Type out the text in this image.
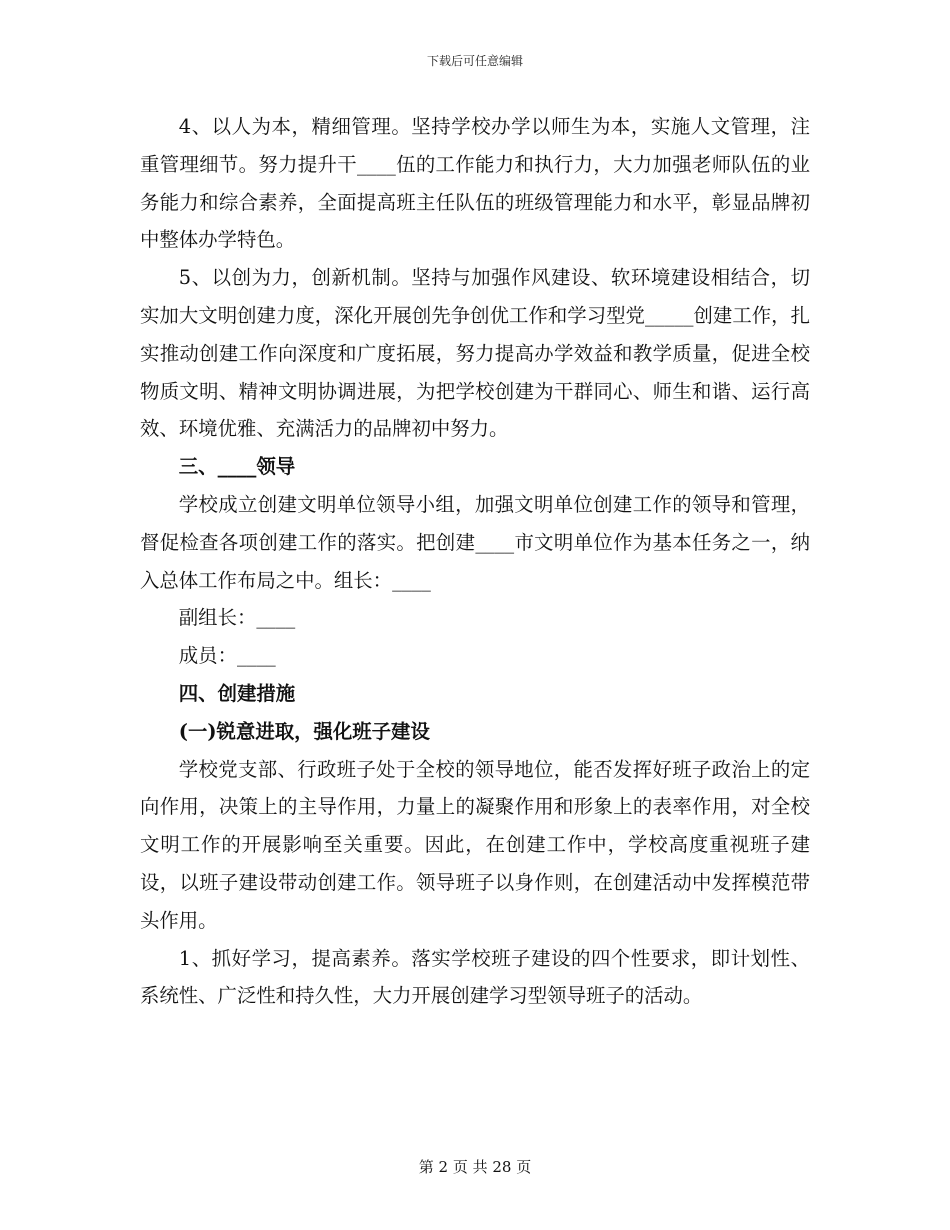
下载后可任意编辑

4、以人为本，精细管理。坚持学校办学以师生为本，实施人文管理，注重管理细节。努力提升干____伍的工作能力和执行力，大力加强老师队伍的业务能力和综合素养，全面提高班主任队伍的班级管理能力和水平，彰显品牌初中整体办学特色。

5、以创为力，创新机制。坚持与加强作风建设、软环境建设相结合，切实加大文明创建力度，深化开展创先争创优工作和学习型党_____创建工作，扎实推动创建工作向深度和广度拓展，努力提高办学效益和教学质量，促进全校物质文明、精神文明协调进展，为把学校创建为干群同心、师生和谐、运行高效、环境优雅、充满活力的品牌初中努力。

三、____领导

学校成立创建文明单位领导小组，加强文明单位创建工作的领导和管理，督促检查各项创建工作的落实。把创建____市文明单位作为基本任务之一，纳入总体工作布局之中。组长：____

副组长：____

成员：____

四、创建措施

(一)锐意进取，强化班子建设

学校党支部、行政班子处于全校的领导地位，能否发挥好班子政治上的定向作用，决策上的主导作用，力量上的凝聚作用和形象上的表率作用，对全校文明工作的开展影响至关重要。因此，在创建工作中，学校高度重视班子建设，以班子建设带动创建工作。领导班子以身作则，在创建活动中发挥模范带头作用。

1、抓好学习，提高素养。落实学校班子建设的四个性要求，即计划性、系统性、广泛性和持久性，大力开展创建学习型领导班子的活动。

第 2 页 共 28 页
